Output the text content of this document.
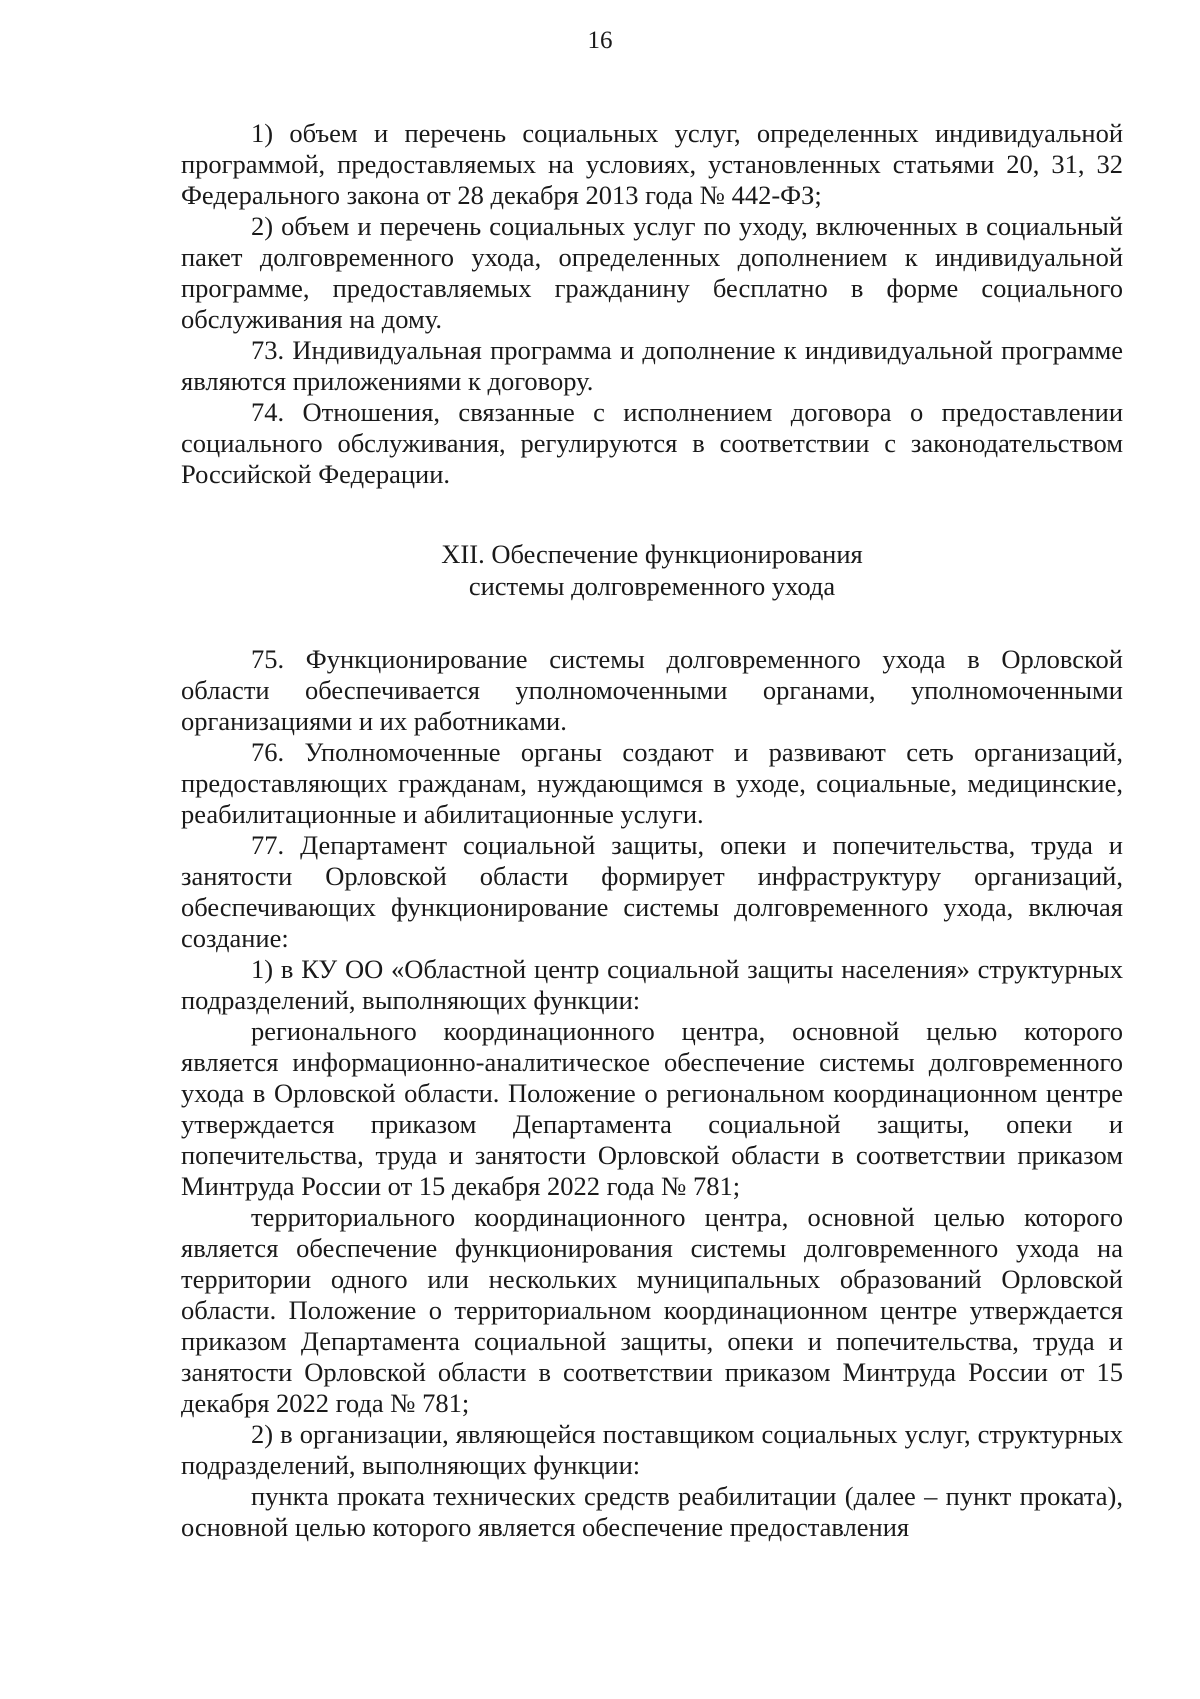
16

1) объем и перечень социальных услуг, определенных индивидуальной программой, предоставляемых на условиях, установленных статьями 20, 31, 32 Федерального закона от 28 декабря 2013 года № 442-ФЗ;

2) объем и перечень социальных услуг по уходу, включенных в социальный пакет долговременного ухода, определенных дополнением к индивидуальной программе, предоставляемых гражданину бесплатно в форме социального обслуживания на дому.

73. Индивидуальная программа и дополнение к индивидуальной программе являются приложениями к договору.

74. Отношения, связанные с исполнением договора о предоставлении социального обслуживания, регулируются в соответствии с законодательством Российской Федерации.

XII. Обеспечение функционирования
системы долговременного ухода

75. Функционирование системы долговременного ухода в Орловской области обеспечивается уполномоченными органами, уполномоченными организациями и их работниками.

76. Уполномоченные органы создают и развивают сеть организаций, предоставляющих гражданам, нуждающимся в уходе, социальные, медицинские, реабилитационные и абилитационные услуги.

77. Департамент социальной защиты, опеки и попечительства, труда и занятости Орловской области формирует инфраструктуру организаций, обеспечивающих функционирование системы долговременного ухода, включая создание:

1) в КУ ОО «Областной центр социальной защиты населения» структурных подразделений, выполняющих функции:

регионального координационного центра, основной целью которого является информационно-аналитическое обеспечение системы долговременного ухода в Орловской области. Положение о региональном координационном центре утверждается приказом Департамента социальной защиты, опеки и попечительства, труда и занятости Орловской области в соответствии приказом Минтруда России от 15 декабря 2022 года № 781;

территориального координационного центра, основной целью которого является обеспечение функционирования системы долговременного ухода на территории одного или нескольких муниципальных образований Орловской области. Положение о территориальном координационном центре утверждается приказом Департамента социальной защиты, опеки и попечительства, труда и занятости Орловской области в соответствии приказом Минтруда России от 15 декабря 2022 года № 781;

2) в организации, являющейся поставщиком социальных услуг, структурных подразделений, выполняющих функции:

пункта проката технических средств реабилитации (далее – пункт проката), основной целью которого является обеспечение предоставления
